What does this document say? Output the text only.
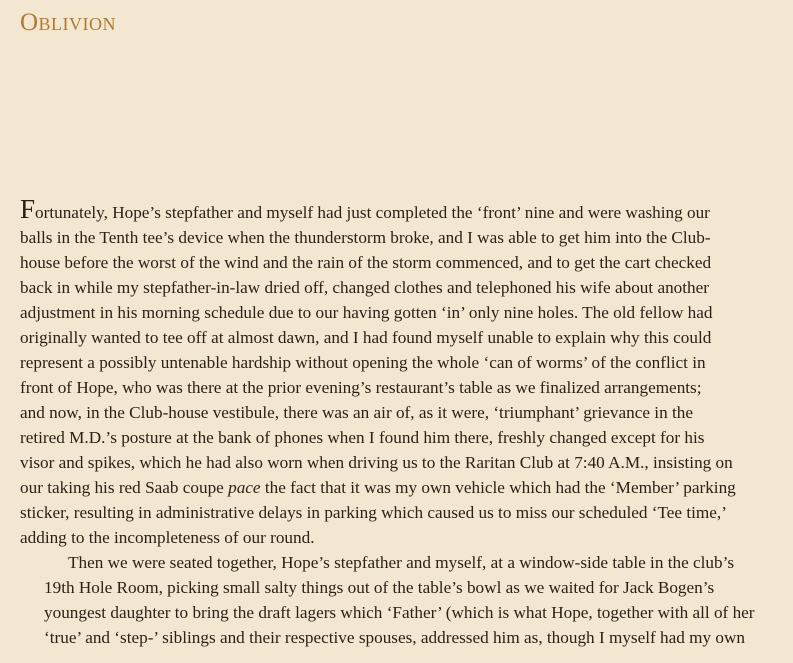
Oblivion

Fortunately, Hope’s stepfather and myself had just completed the ‘front’ nine and were washing our
balls in the Tenth tee’s device when the thunderstorm broke, and I was able to get him into the Club-
house before the worst of the wind and the rain of the storm commenced, and to get the cart checked
back in while my stepfather-in-law dried off, changed clothes and telephoned his wife about another
adjustment in his morning schedule due to our having gotten ‘in’ only nine holes. The old fellow had
originally wanted to tee off at almost dawn, and I had found myself unable to explain why this could
represent a possibly untenable hardship without opening the whole ‘can of worms’ of the conflict in
front of Hope, who was there at the prior evening’s restaurant’s table as we finalized arrangements;
and now, in the Club-house vestibule, there was an air of, as it were, ‘triumphant’ grievance in the
retired M.D.’s posture at the bank of phones when I found him there, freshly changed except for his
visor and spikes, which he had also worn when driving us to the Raritan Club at 7:40 A.M., insisting on
our taking his red Saab coupe pace the fact that it was my own vehicle which had the ‘Member’ parking
sticker, resulting in administrative delays in parking which caused us to miss our scheduled ‘Tee time,’
adding to the incompleteness of our round.

Then we were seated together, Hope’s stepfather and myself, at a window-side table in the club’s
19th Hole Room, picking small salty things out of the table’s bowl as we waited for Jack Bogen’s
youngest daughter to bring the draft lagers which ‘Father’ (which is what Hope, together with all of her
‘true’ and ‘step-’ siblings and their respective spouses, addressed him as, though I myself had my own
